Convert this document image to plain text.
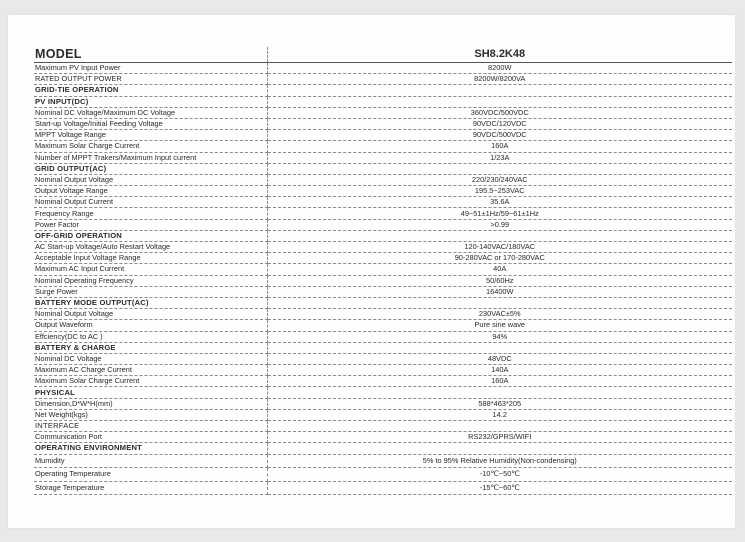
MODEL	SH8.2K48
Maximum PV Input Power	8200W
RATED OUTPUT POWER	8200W/8200VA
GRID-TIE OPERATION	
PV INPUT(DC)	
Nominal DC Voltage/Maximum DC Voltage	360VDC/500VDC
Start-up Voltage/Initial Feeding Voltage	90VDC/120VDC
MPPT Voltage Range	90VDC/500VDC
Maximum Solar Charge Current	160A
Number of MPPT Trakers/Maximum Input current	1/23A
GRID OUTPUT(AC)	
Nominal Output Voltage	220/230/240VAC
Output Voltage Range	195.5~253VAC
Nominal Output Current	35.6A
Frequency Range	49~51±1Hz/59~61±1Hz
Power Factor	>0.99
OFF-GRID OPERATION	
AC Start-up Voltage/Auto Restart Voltage	120-140VAC/180VAC
Acceptable Input Voltage Range	90-280VAC or 170-280VAC
Maximum AC Input Current	40A
Nominal Operating Frequency	50/60Hz
Surge Power	16400W
BATTERY MODE OUTPUT(AC)	
Nominal Output Voltage	230VAC±5%
Output Waveform	Pure sine wave
Effciency(DC to AC )	94%
BATTERY & CHARGE	
Nominal DC Voltage	48VDC
Maximum AC Charge Current	140A
Maximum Solar Charge Current	160A
PHYSICAL	
Dimension,D*W*H(mm)	588*463*205
Net Weight(kgs)	14.2
INTERFACE	
Communication Port	RS232/GPRS/WIFI
OPERATING ENVIRONMENT	
Mumidity	5% to 95% Relative Humidity(Non-condensing)
Operating Temperature	-10℃~50℃
Storage Temperature	-15℃~60℃
